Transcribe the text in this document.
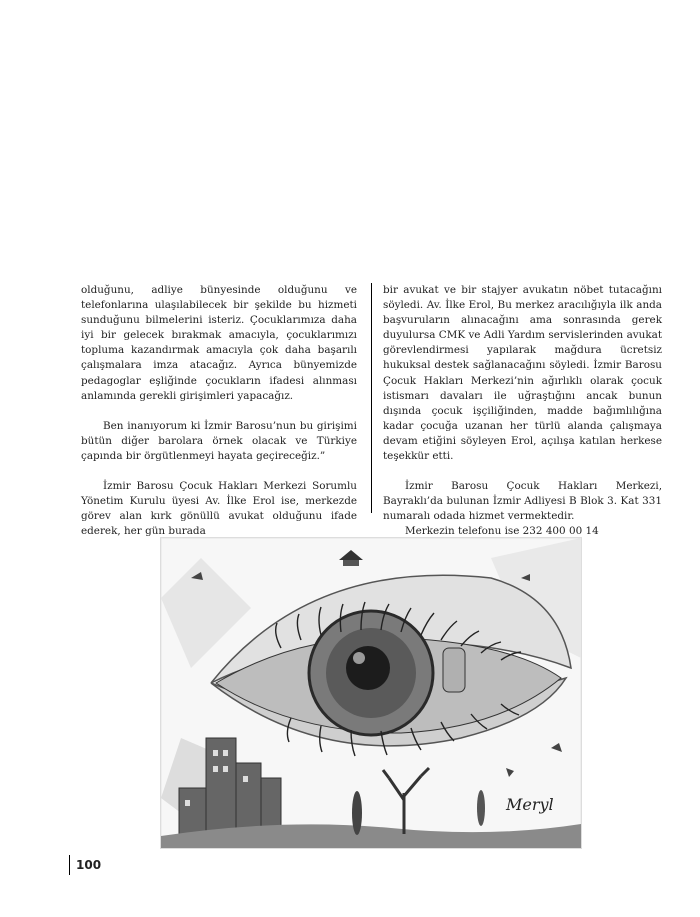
olduğunu, adliye bünyesinde olduğunu ve telefonlarına ulaşılabilecek bir şekilde bu hizmeti sunduğunu bilmelerini isteriz. Çocuklarımıza daha iyi bir gelecek bırakmak amacıyla, çocuklarımızı topluma kazandırmak amacıyla çok daha başarılı çalışmalara imza atacağız. Ayrıca bünyemizde pedagoglar eşliğinde çocukların ifadesi alınması anlamında gerekli girişimleri yapacağız.

Ben inanıyorum ki İzmir Barosu’nun bu girişimi bütün diğer barolara örnek olacak ve Türkiye çapında bir örgütlenmeyi hayata geçireceğiz.”

İzmir Barosu Çocuk Hakları Merkezi Sorumlu Yönetim Kurulu üyesi Av. İlke Erol ise, merkezde görev alan kırk gönüllü avukat olduğunu ifade ederek, her gün burada

bir avukat ve bir stajyer avukatın nöbet tutacağını söyledi. Av. İlke Erol, Bu merkez aracılığıyla ilk anda başvuruların alınacağını ama sonrasında gerek duyulursa CMK ve Adli Yardım servislerinden avukat görevlendirmesi yapılarak mağdura ücretsiz hukuksal destek sağlanacağını söyledi. İzmir Barosu Çocuk Hakları Merkezi’nin ağırlıklı olarak çocuk istismarı davaları ile uğraştığını ancak bunun dışında çocuk işçiliğinden, madde bağımlılığına kadar çocuğa uzanan her türlü alanda çalışmaya devam etiğini söyleyen Erol, açılışa katılan herkese teşekkür etti.

İzmir Barosu Çocuk Hakları Merkezi, Bayraklı’da bulunan İzmir Adliyesi B Blok 3. Kat 331 numaralı odada hizmet vermektedir.

Merkezin telefonu ise 232 400 00 14

Meryl
100
